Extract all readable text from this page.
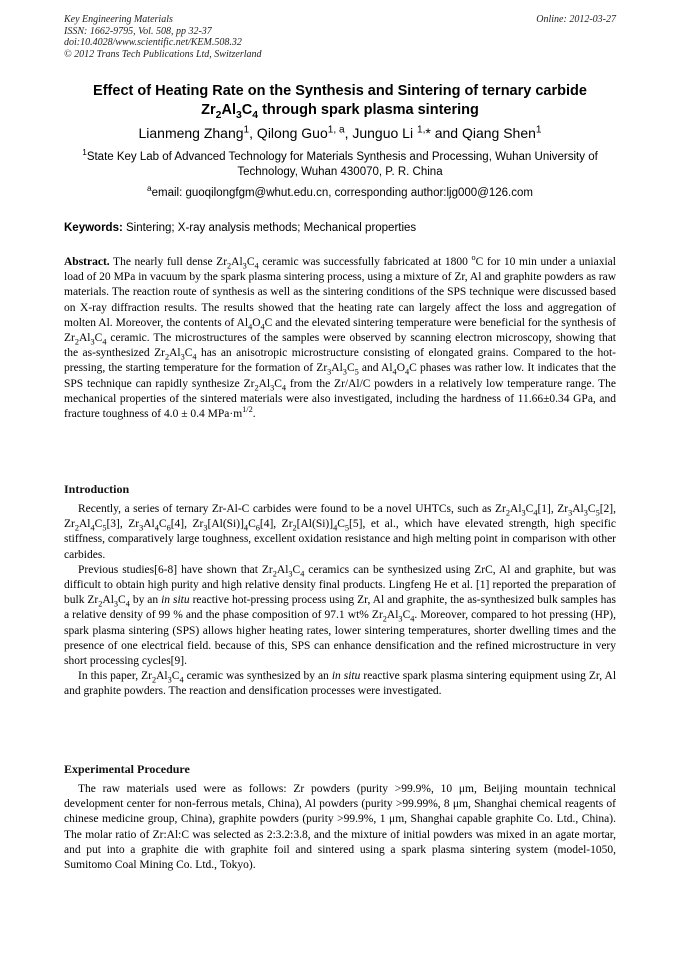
Key Engineering Materials
ISSN: 1662-9795, Vol. 508, pp 32-37
doi:10.4028/www.scientific.net/KEM.508.32
© 2012 Trans Tech Publications Ltd, Switzerland
Online: 2012-03-27
Effect of Heating Rate on the Synthesis and Sintering of ternary carbide
$Zr_2Al_3C_4$ through spark plasma sintering
Lianmeng Zhang$^1$, Qilong Guo$^{1, a}$, Junguo Li $^{1,}$* and Qiang Shen$^1$
$^1$State Key Lab of Advanced Technology for Materials Synthesis and Processing, Wuhan University of Technology, Wuhan 430070, P. R. China
$^a$email: guoqilongfgm@whut.edu.cn, corresponding author:ljg000@126.com
Keywords: Sintering; X-ray analysis methods; Mechanical properties
Abstract. The nearly full dense $Zr_2Al_3C_4$ ceramic was successfully fabricated at 1800 $^o$C for 10 min under a uniaxial load of 20 MPa in vacuum by the spark plasma sintering process, using a mixture of Zr, Al and graphite powders as raw materials. The reaction route of synthesis as well as the sintering conditions of the SPS technique were discussed based on X-ray diffraction results. The results showed that the heating rate can largely affect the loss and aggregation of molten Al. Moreover, the contents of $Al_4O_4C$ and the elevated sintering temperature were beneficial for the synthesis of $Zr_2Al_3C_4$ ceramic. The microstructures of the samples were observed by scanning electron microscopy, showing that the as-synthesized $Zr_2Al_3C_4$ has an anisotropic microstructure consisting of elongated grains. Compared to the hot-pressing, the starting temperature for the formation of $Zr_3Al_3C_5$ and $Al_4O_4C$ phases was rather low. It indicates that the SPS technique can rapidly synthesize $Zr_2Al_3C_4$ from the Zr/Al/C powders in a relatively low temperature range. The mechanical properties of the sintered materials were also investigated, including the hardness of 11.66±0.34 GPa, and fracture toughness of 4.0 ± 0.4 $MPa\cdot m^{1/2}$.
Introduction

Recently, a series of ternary Zr-Al-C carbides were found to be a novel UHTCs, such as $Zr_2Al_3C_4[1]$, $Zr_3Al_3C_5[2]$, $Zr_2Al_4C_5[3]$, $Zr_3Al_4C_6[4]$, $Zr_3[Al(Si)]_4C_6[4]$, $Zr_2[Al(Si)]_4C_5[5]$, et al., which have elevated strength, high specific stiffness, comparatively large toughness, excellent oxidation resistance and high melting point in comparison with other carbides.

Previous studies[6-8] have shown that $Zr_2Al_3C_4$ ceramics can be synthesized using ZrC, Al and graphite, but was difficult to obtain high purity and high relative density final products. Lingfeng He et al. [1] reported the preparation of bulk $Zr_2Al_3C_4$ by an in situ reactive hot-pressing process using Zr, Al and graphite, the as-synthesized bulk samples has a relative density of 99 % and the phase composition of 97.1 wt% $Zr_2Al_3C_4$. Moreover, compared to hot pressing (HP), spark plasma sintering (SPS) allows higher heating rates, lower sintering temperatures, shorter dwelling times and the presence of one electrical field. because of this, SPS can enhance densification and the refined microstructure in very short processing cycles[9].

In this paper, $Zr_2Al_3C_4$ ceramic was synthesized by an in situ reactive spark plasma sintering equipment using Zr, Al and graphite powders. The reaction and densification processes were investigated.

Experimental Procedure

The raw materials used were as follows: Zr powders (purity >99.9%, 10 μm, Beijing mountain technical development center for non-ferrous metals, China), Al powders (purity >99.99%, 8 μm, Shanghai chemical reagents of chinese medicine group, China), graphite powders (purity >99.9%, 1 μm, Shanghai capable graphite Co. Ltd., China). The molar ratio of Zr:Al:C was selected as 2:3.2:3.8, and the mixture of initial powders was mixed in an agate mortar, and put into a graphite die with graphite foil and sintered using a spark plasma sintering system (model-1050, Sumitomo Coal Mining Co. Ltd., Tokyo).
